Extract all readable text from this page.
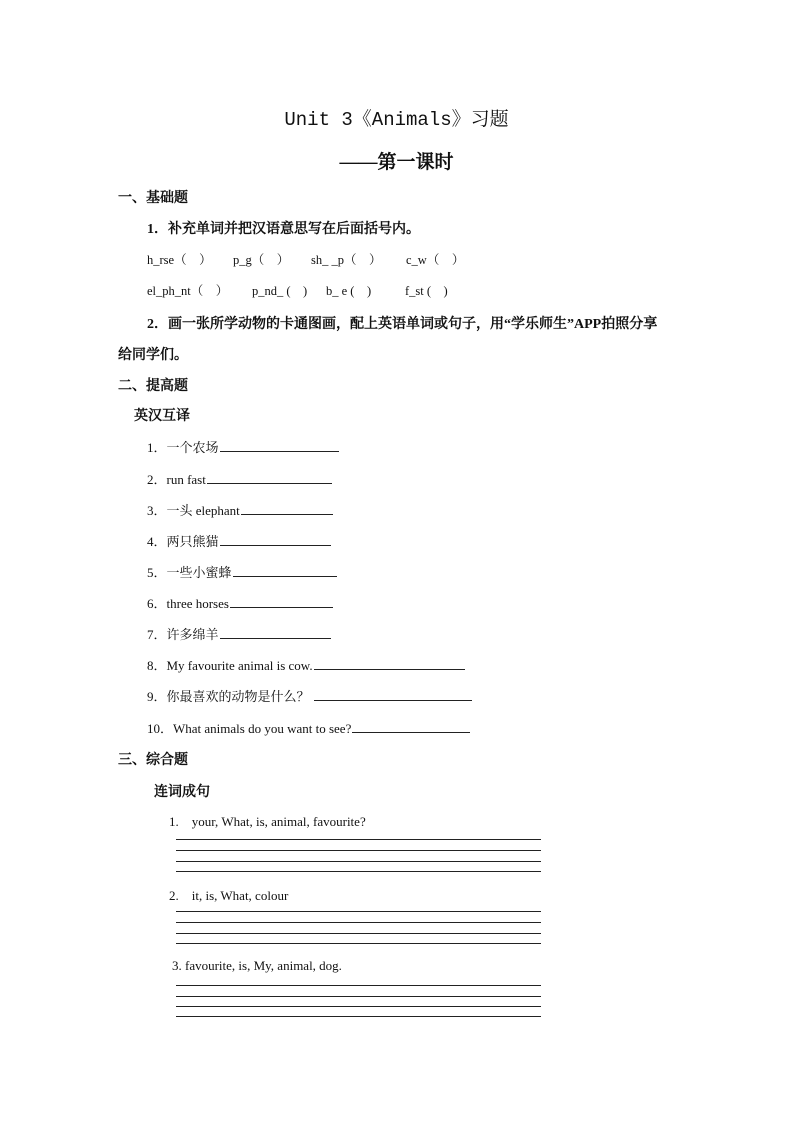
Unit 3《Animals》习题
——第一课时
一、基础题
1．补充单词并把汉语意思写在后面括号内。
h_rse（　） p_g（　） sh_ _p（　） c_w（　）
el_ph_nt（　） p_nd_ (　) b_ e (　)	f_st (　)
2．画一张所学动物的卡通图画，配上英语单词或句子，用“学乐师生”APP拍照分享
给同学们。
二、提高题
英汉互译
1．一个农场
2．run fast
3．一头 elephant
4．两只熊猫
5．一些小蜜蜂
6．three horses
7．许多绵羊
8．My favourite animal is cow.
9．你最喜欢的动物是什么？
10．What animals do you want to see?
三、综合题
连词成句
1.　your, What, is, animal, favourite?
2.　it, is, What, colour
3. favourite, is, My, animal, dog.
